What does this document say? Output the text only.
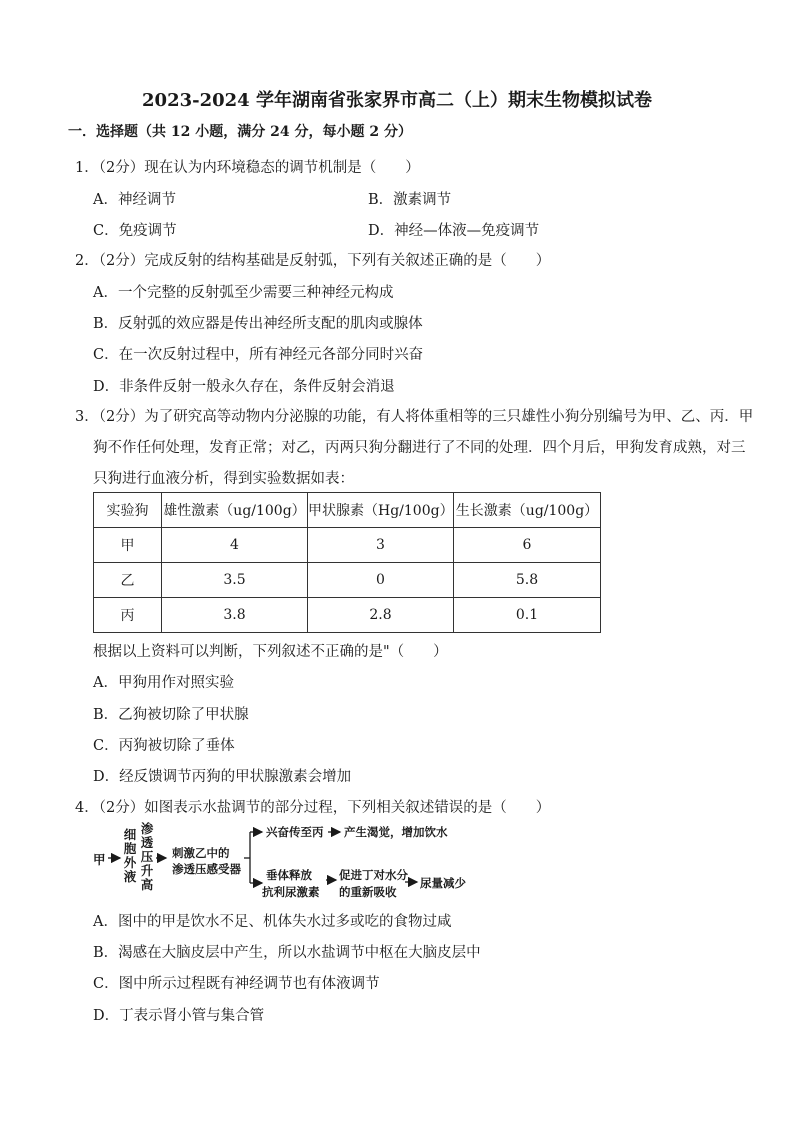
2023-2024 学年湖南省张家界市高二（上）期末生物模拟试卷
一．选择题（共 12 小题，满分 24 分，每小题 2 分）
1．（2分）现在认为内环境稳态的调节机制是（　　）
A．神经调节	B．激素调节
C．免疫调节	D．神经—体液—免疫调节
2．（2分）完成反射的结构基础是反射弧，下列有关叙述正确的是（　　）
A．一个完整的反射弧至少需要三种神经元构成
B．反射弧的效应器是传出神经所支配的肌肉或腺体
C．在一次反射过程中，所有神经元各部分同时兴奋
D．非条件反射一般永久存在，条件反射会消退
3．（2分）为了研究高等动物内分泌腺的功能，有人将体重相等的三只雄性小狗分别编号为甲、乙、丙．甲
狗不作任何处理，发育正常；对乙，丙两只狗分翻进行了不同的处理．四个月后，甲狗发育成熟，对三
只狗进行血液分析，得到实验数据如表：
实验狗	雄性激素（ug/100g）	甲状腺素（Hg/100g）	生长激素（ug/100g）
甲	4	3	6
乙	3.5	0	5.8
丙	3.8	2.8	0.1
根据以上资料可以判断，下列叙述不正确的是"（　　）
A．甲狗用作对照实验
B．乙狗被切除了甲状腺
C．丙狗被切除了垂体
D．经反馈调节丙狗的甲状腺激素会增加
4．（2分）如图表示水盐调节的部分过程，下列相关叙述错误的是（　　）
甲
细
胞
外
液
渗
透
压
升
高
刺激乙中的
渗透压感受器
兴奋传至丙 产生渴觉，增加饮水
垂体释放
抗利尿激素
促进丁对水分
的重新吸收
尿量减少
A．图中的甲是饮水不足、机体失水过多或吃的食物过咸
B．渴感在大脑皮层中产生，所以水盐调节中枢在大脑皮层中
C．图中所示过程既有神经调节也有体液调节
D．丁表示肾小管与集合管
